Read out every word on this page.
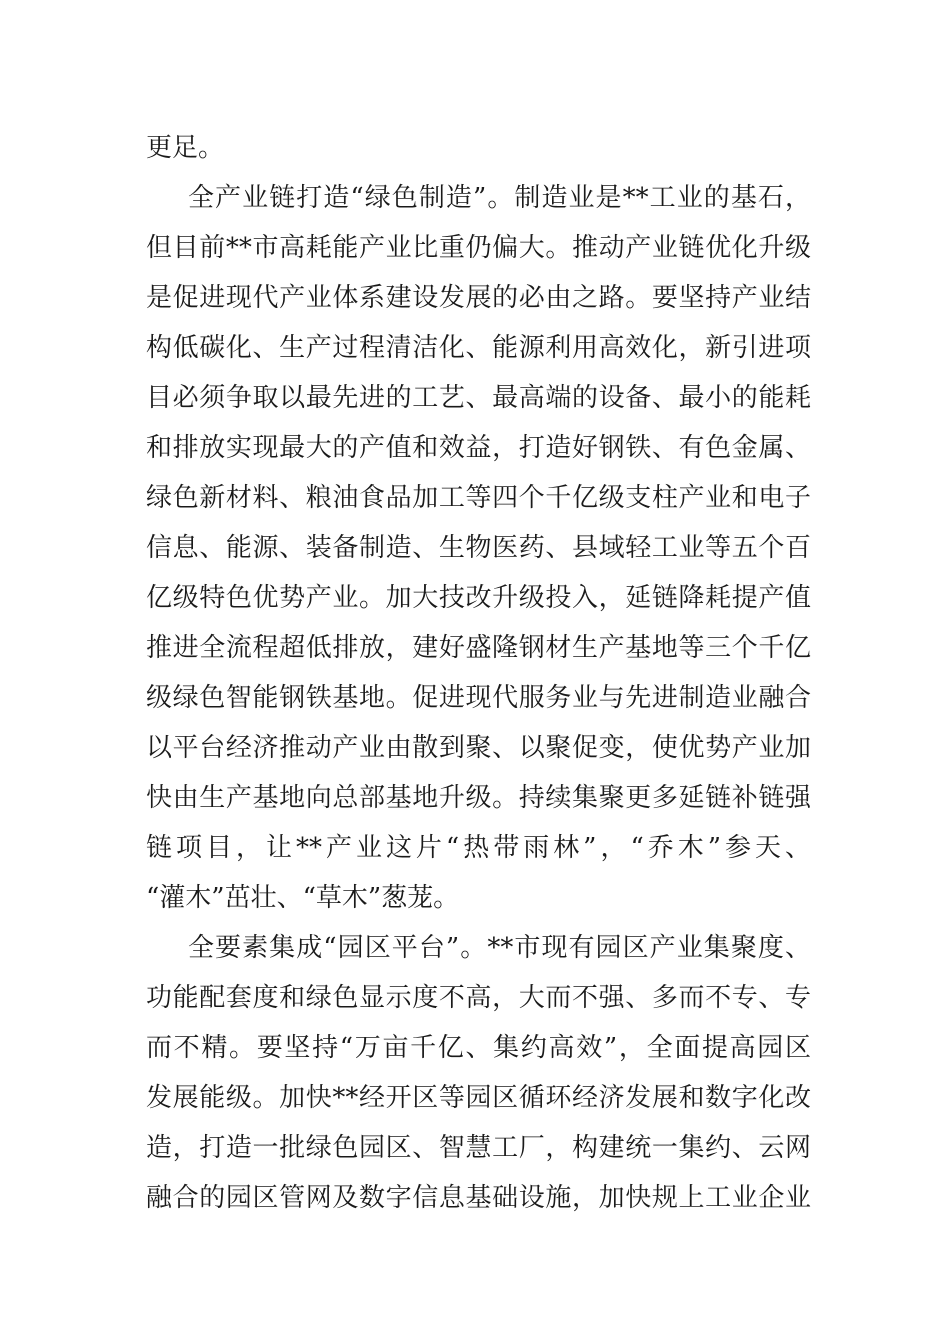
更足。
全产业链打造“绿色制造”。制造业是**工业的基石，
但目前**市高耗能产业比重仍偏大。推动产业链优化升级
是促进现代产业体系建设发展的必由之路。要坚持产业结
构低碳化、生产过程清洁化、能源利用高效化，新引进项
目必须争取以最先进的工艺、最高端的设备、最小的能耗
和排放实现最大的产值和效益，打造好钢铁、有色金属、
绿色新材料、粮油食品加工等四个千亿级支柱产业和电子
信息、能源、装备制造、生物医药、县域轻工业等五个百
亿级特色优势产业。加大技改升级投入，延链降耗提产值
推进全流程超低排放，建好盛隆钢材生产基地等三个千亿
级绿色智能钢铁基地。促进现代服务业与先进制造业融合
以平台经济推动产业由散到聚、以聚促变，使优势产业加
快由生产基地向总部基地升级。持续集聚更多延链补链强
链项目，让**产业这片“热带雨林”，“乔木”参天、
“灌木”茁壮、“草木”葱茏。
全要素集成“园区平台”。**市现有园区产业集聚度、
功能配套度和绿色显示度不高，大而不强、多而不专、专
而不精。要坚持“万亩千亿、集约高效”，全面提高园区
发展能级。加快**经开区等园区循环经济发展和数字化改
造，打造一批绿色园区、智慧工厂，构建统一集约、云网
融合的园区管网及数字信息基础设施，加快规上工业企业
